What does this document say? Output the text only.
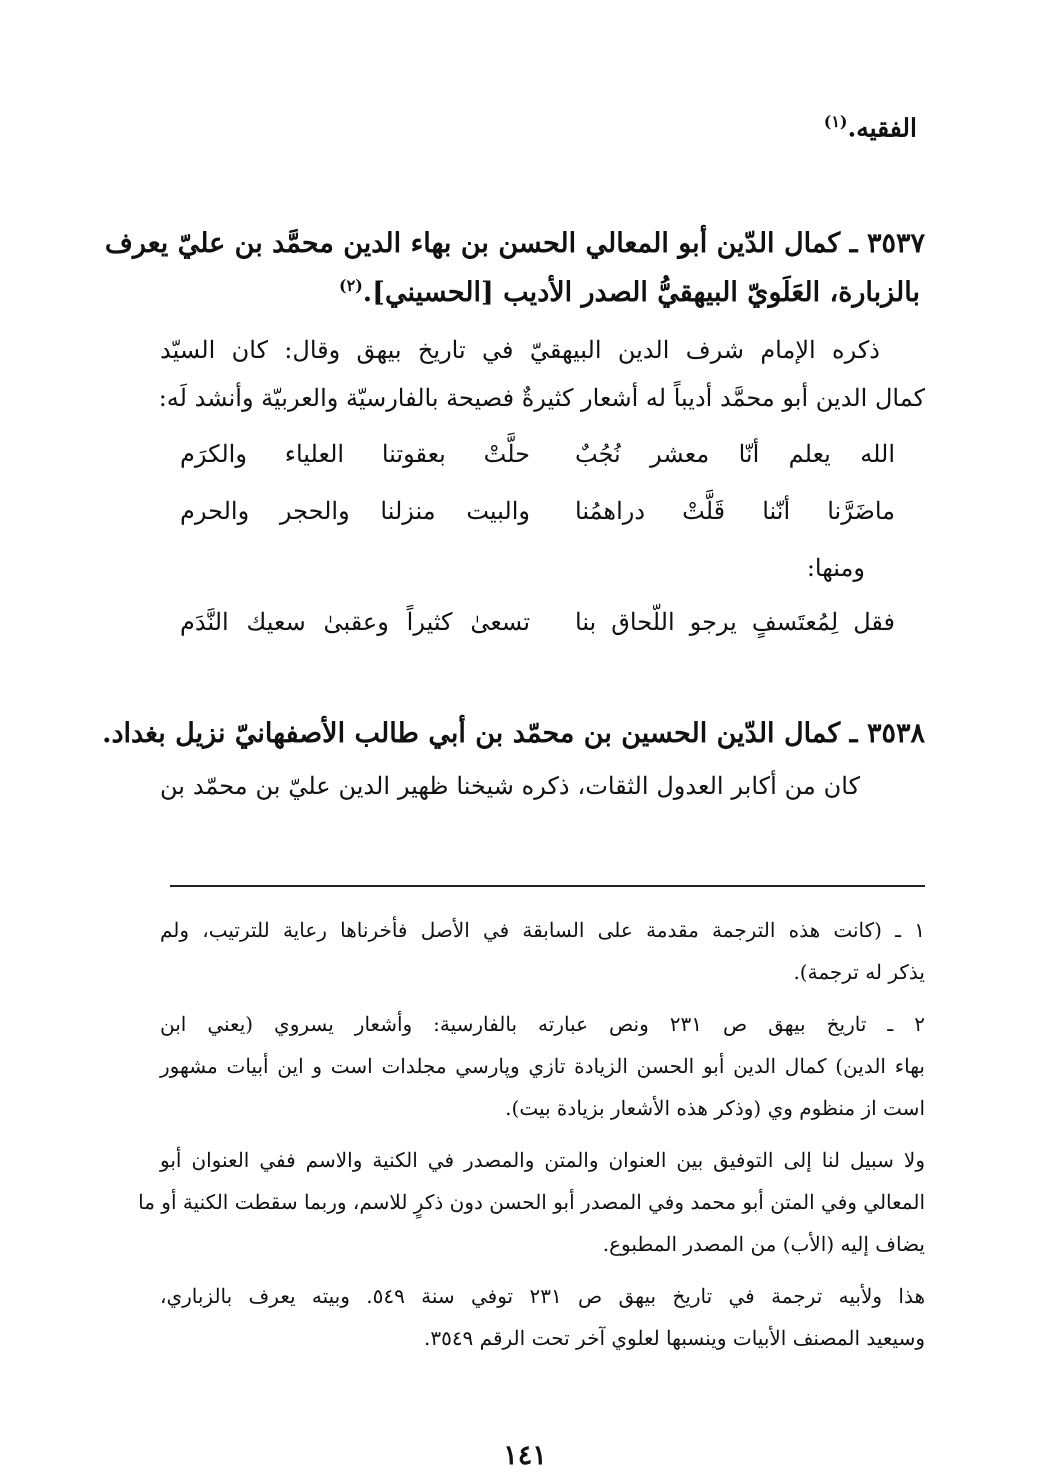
الفقيه.$^{(١)}$
٣٥٣٧ ـ كمال الدّين أبو المعالي الحسن بن بهاء الدين محمَّد بن عليّ يعرف
بالزبارة، العَلَويّ البيهقيُّ الصدر الأديب [الحسيني].$^{(٢)}$
ذكره الإمام شرف الدين البيهقيّ في تاريخ بيهق وقال: كان السيّد
كمال الدين أبو محمَّد أديباً له أشعار كثيرةٌ فصيحة بالفارسيّة والعربيّة وأنشد لَه:
الله يعلم أنّا معشر نُجُبٌ
حلَّتْ بعقوتنا العلياء والكرَم
ماضَرَّنا أنّنا قَلَّتْ دراهمُنا
والبيت منزلنا والحجر والحرم
ومنها:
فقل لِمُعتَسفٍ يرجو اللّحاق بنا
تسعىٰ كثيراً وعقبىٰ سعيك النَّدَم
٣٥٣٨ ـ كمال الدّين الحسين بن محمّد بن أبي طالب الأصفهانيّ نزيل بغداد.
كان من أكابر العدول الثقات، ذكره شيخنا ظهير الدين عليّ بن محمّد بن
١ ـ (كانت هذه الترجمة مقدمة على السابقة في الأصل فأخرناها رعاية للترتيب، ولم
يذكر له ترجمة).
٢ ـ تاريخ بيهق ص ٢٣١ ونص عبارته بالفارسية: وأشعار يسروي (يعني ابن
بهاء الدين) كمال الدين أبو الحسن الزيادة تازي وپارسي مجلدات است و اين أبيات مشهور
است از منظوم وي (وذكر هذه الأشعار بزيادة بيت).
ولا سبيل لنا إلى التوفيق بين العنوان والمتن والمصدر في الكنية والاسم ففي العنوان أبو
المعالي وفي المتن أبو محمد وفي المصدر أبو الحسن دون ذكرٍ للاسم، وربما سقطت الكنية أو ما
يضاف إليه (الأب) من المصدر المطبوع.
هذا ولأبيه ترجمة في تاريخ بيهق ص ٢٣١ توفي سنة ٥٤٩. وبيته يعرف بالزباري،
وسيعيد المصنف الأبيات وينسبها لعلوي آخر تحت الرقم ٣٥٤٩.
١٤١
